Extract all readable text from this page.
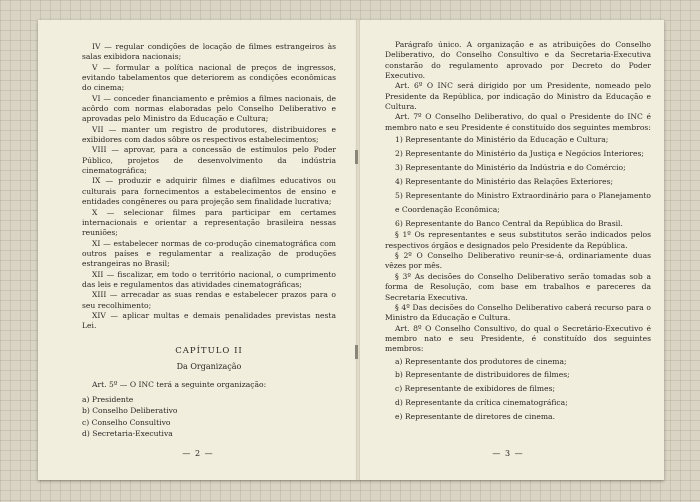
IV — regular condições de locação de filmes estrangeiros às salas exibidora nacionais;

V — formular a política nacional de preços de ingressos, evitando tabelamentos que deteriorem as condições econômicas do cinema;

VI — conceder financiamento e prêmios a filmes nacionais, de acôrdo com normas elaboradas pelo Conselho Deliberativo e aprovadas pelo Ministro da Educação e Cultura;

VII — manter um registro de produtores, distribuidores e exibidores com dados sôbre os respectivos estabelecimentos;

VIII — aprovar, para a concessão de estímulos pelo Poder Público, projetos de desenvolvimento da indústria cinematográfica;

IX — produzir e adquirir filmes e diafilmes educativos ou culturais para fornecimentos a estabelecimentos de ensino e entidades congêneres ou para projeção sem finalidade lucrativa;

X — selecionar filmes para participar em certames internacionais e orientar a representação brasileira nessas reuniões;

XI — estabelecer normas de co-produção cinematográfica com outros países e regulamentar a realização de produções estrangeiras no Brasil;

XII — fiscalizar, em todo o território nacional, o cumprimento das leis e regulamentos das atividades cinematográficas;

XIII — arrecadar as suas rendas e estabelecer prazos para o seu recolhimento;

XIV — aplicar multas e demais penalidades previstas nesta Lei.

CAPÍTULO II

Da Organização

Art. 5º — O INC terá a seguinte organização:

a) Presidente

b) Conselho Deliberativo

c) Conselho Consultivo

d) Secretaria-Executiva

— 2 —

Parágrafo único. A organização e as atribuições do Conselho Deliberativo, do Conselho Consultivo e da Secretaria-Executiva constarão do regulamento aprovado por Decreto do Poder Executivo.

Art. 6º O INC será dirigido por um Presidente, nomeado pelo Presidente da República, por indicação do Ministro da Educação e Cultura.

Art. 7º O Conselho Deliberativo, do qual o Presidente do INC é membro nato e seu Presidente é constituído dos seguintes membros:

1) Representante do Ministério da Educação e Cultura;

2) Representante do Ministério da Justiça e Negócios Interiores;

3) Representante do Ministério da Indústria e do Comércio;

4) Representante do Ministério das Relações Exteriores;

5) Representante do Ministro Extraordinário para o Planejamento e Coordenação Econômica;

6) Representante do Banco Central da República do Brasil.

§ 1º Os representantes e seus substitutos serão indicados pelos respectivos órgãos e designados pelo Presidente da República.

§ 2º O Conselho Deliberativo reunir-se-á, ordinariamente duas vêzes por mês.

§ 3º As decisões do Conselho Deliberativo serão tomadas sob a forma de Resolução, com base em trabalhos e pareceres da Secretaria Executiva.

§ 4º Das decisões do Conselho Deliberativo caberá recurso para o Ministro da Educação e Cultura.

Art. 8º O Conselho Consultivo, do qual o Secretário-Executivo é membro nato e seu Presidente, é constituído dos seguintes membros:

a) Representante dos produtores de cinema;

b) Representante de distribuidores de filmes;

c) Representante de exibidores de filmes;

d) Representante da crítica cinematográfica;

e) Representante de diretores de cinema.

— 3 —
